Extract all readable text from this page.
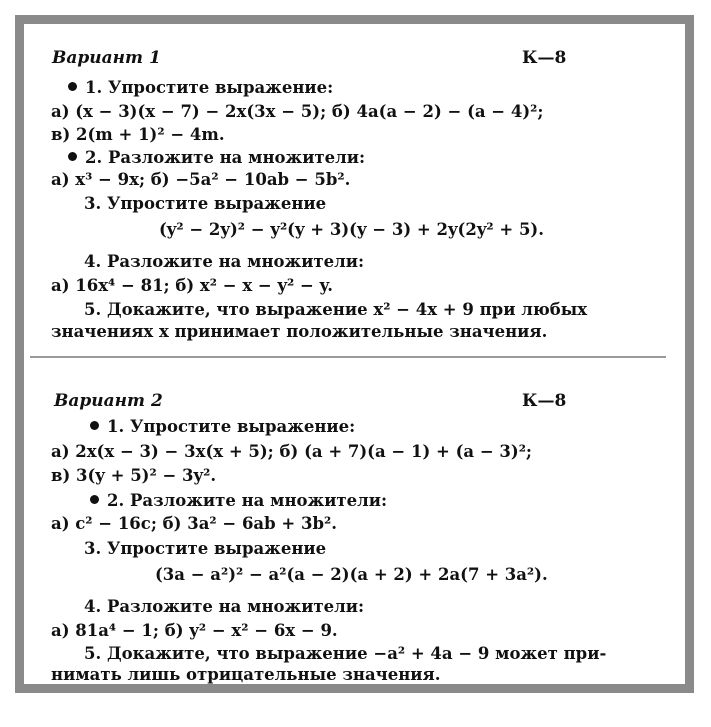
Вариант 1	К—8
1. Упростите выражение:
а) (x − 3)(x − 7) − 2x(3x − 5); б) 4a(a − 2) − (a − 4)²;
в) 2(m + 1)² − 4m.
2. Разложите на множители:
а) x³ − 9x; б) −5a² − 10ab − 5b².
3. Упростите выражение
(y² − 2y)² − y²(y + 3)(y − 3) + 2y(2y² + 5).
4. Разложите на множители:
а) 16x⁴ − 81; б) x² − x − y² − y.
5. Докажите, что выражение x² − 4x + 9 при любых
значениях x принимает положительные значения.
Вариант 2	К—8
1. Упростите выражение:
а) 2x(x − 3) − 3x(x + 5); б) (a + 7)(a − 1) + (a − 3)²;
в) 3(y + 5)² − 3y².
2. Разложите на множители:
а) c² − 16c; б) 3a² − 6ab + 3b².
3. Упростите выражение
(3a − a²)² − a²(a − 2)(a + 2) + 2a(7 + 3a²).
4. Разложите на множители:
а) 81a⁴ − 1; б) y² − x² − 6x − 9.
5. Докажите, что выражение −a² + 4a − 9 может при-
нимать лишь отрицательные значения.
